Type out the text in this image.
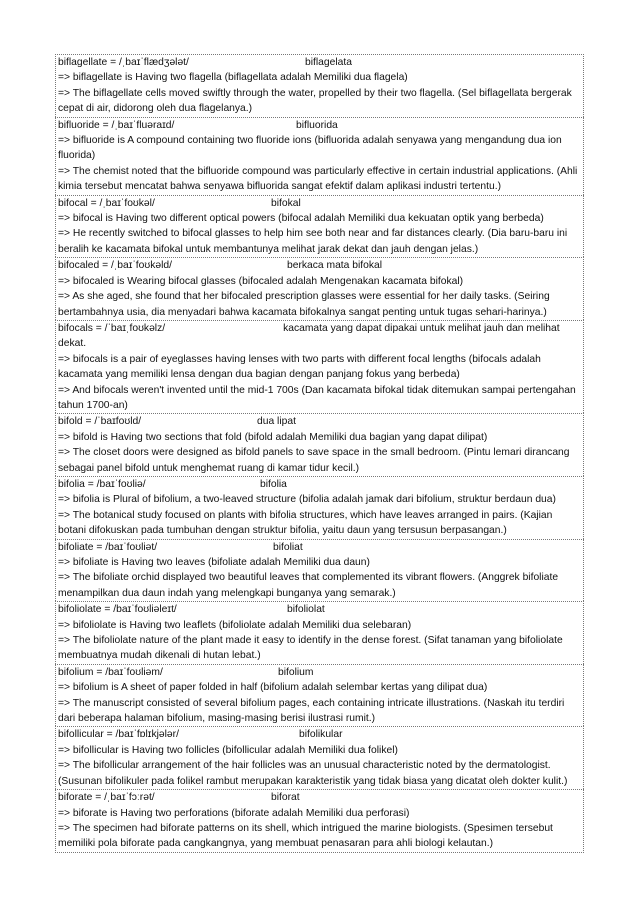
biflagellate = /ˌbaɪˈflædʒələt/	biflagelata

=> biflagellate is Having two flagella (biflagellata adalah Memiliki dua flagela)

=> The biflagellate cells moved swiftly through the water, propelled by their two flagella. (Sel biflagellata bergerak cepat di air, didorong oleh dua flagelanya.)

bifluoride = /ˌbaɪˈfluəraɪd/	bifluorida

=> bifluoride is A compound containing two fluoride ions (bifluorida adalah senyawa yang mengandung dua ion fluorida)

=> The chemist noted that the bifluoride compound was particularly effective in certain industrial applications. (Ahli kimia tersebut mencatat bahwa senyawa bifluorida sangat efektif dalam aplikasi industri tertentu.)

bifocal = /ˌbaɪˈfoʊkəl/	bifokal

=> bifocal is Having two different optical powers (bifocal adalah Memiliki dua kekuatan optik yang berbeda)

=> He recently switched to bifocal glasses to help him see both near and far distances clearly. (Dia baru-baru ini beralih ke kacamata bifokal untuk membantunya melihat jarak dekat dan jauh dengan jelas.)

bifocaled = /ˌbaɪˈfoʊkəld/	berkaca mata bifokal

=> bifocaled is Wearing bifocal glasses (bifocaled adalah Mengenakan kacamata bifokal)

=> As she aged, she found that her bifocaled prescription glasses were essential for her daily tasks. (Seiring bertambahnya usia, dia menyadari bahwa kacamata bifokalnya sangat penting untuk tugas sehari-harinya.)

bifocals = /ˈbaɪˌfoʊkəlz/	kacamata yang dapat dipakai untuk melihat jauh dan melihat dekat.

=> bifocals is a pair of eyeglasses having lenses with two parts with different focal lengths (bifocals adalah kacamata yang memiliki lensa dengan dua bagian dengan panjang fokus yang berbeda)

=> And bifocals weren't invented until the mid-1 700s (Dan kacamata bifokal tidak ditemukan sampai pertengahan tahun 1700-an)

bifold = /ˈbaɪfoʊld/	dua lipat

=> bifold is Having two sections that fold (bifold adalah Memiliki dua bagian yang dapat dilipat)

=> The closet doors were designed as bifold panels to save space in the small bedroom. (Pintu lemari dirancang sebagai panel bifold untuk menghemat ruang di kamar tidur kecil.)

bifolia = /baɪˈfoʊliə/	bifolia

=> bifolia is Plural of bifolium, a two-leaved structure (bifolia adalah jamak dari bifolium, struktur berdaun dua)

=> The botanical study focused on plants with bifolia structures, which have leaves arranged in pairs. (Kajian botani difokuskan pada tumbuhan dengan struktur bifolia, yaitu daun yang tersusun berpasangan.)

bifoliate = /baɪˈfoʊliət/	bifoliat

=> bifoliate is Having two leaves (bifoliate adalah Memiliki dua daun)

=> The bifoliate orchid displayed two beautiful leaves that complemented its vibrant flowers. (Anggrek bifoliate menampilkan dua daun indah yang melengkapi bunganya yang semarak.)

bifoliolate = /baɪˈfoʊliəleɪt/	bifoliolat

=> bifoliolate is Having two leaflets (bifoliolate adalah Memiliki dua selebaran)

=> The bifoliolate nature of the plant made it easy to identify in the dense forest. (Sifat tanaman yang bifoliolate membuatnya mudah dikenali di hutan lebat.)

bifolium = /baɪˈfoʊliəm/	bifolium

=> bifolium is A sheet of paper folded in half (bifolium adalah selembar kertas yang dilipat dua)

=> The manuscript consisted of several bifolium pages, each containing intricate illustrations. (Naskah itu terdiri dari beberapa halaman bifolium, masing-masing berisi ilustrasi rumit.)

bifollicular = /baɪˈfɒlɪkjələr/	bifolikular

=> bifollicular is Having two follicles (bifollicular adalah Memiliki dua folikel)

=> The bifollicular arrangement of the hair follicles was an unusual characteristic noted by the dermatologist. (Susunan bifolikuler pada folikel rambut merupakan karakteristik yang tidak biasa yang dicatat oleh dokter kulit.)

biforate = /ˌbaɪˈfɔːrət/	biforat

=> biforate is Having two perforations (biforate adalah Memiliki dua perforasi)

=> The specimen had biforate patterns on its shell, which intrigued the marine biologists. (Spesimen tersebut memiliki pola biforate pada cangkangnya, yang membuat penasaran para ahli biologi kelautan.)
